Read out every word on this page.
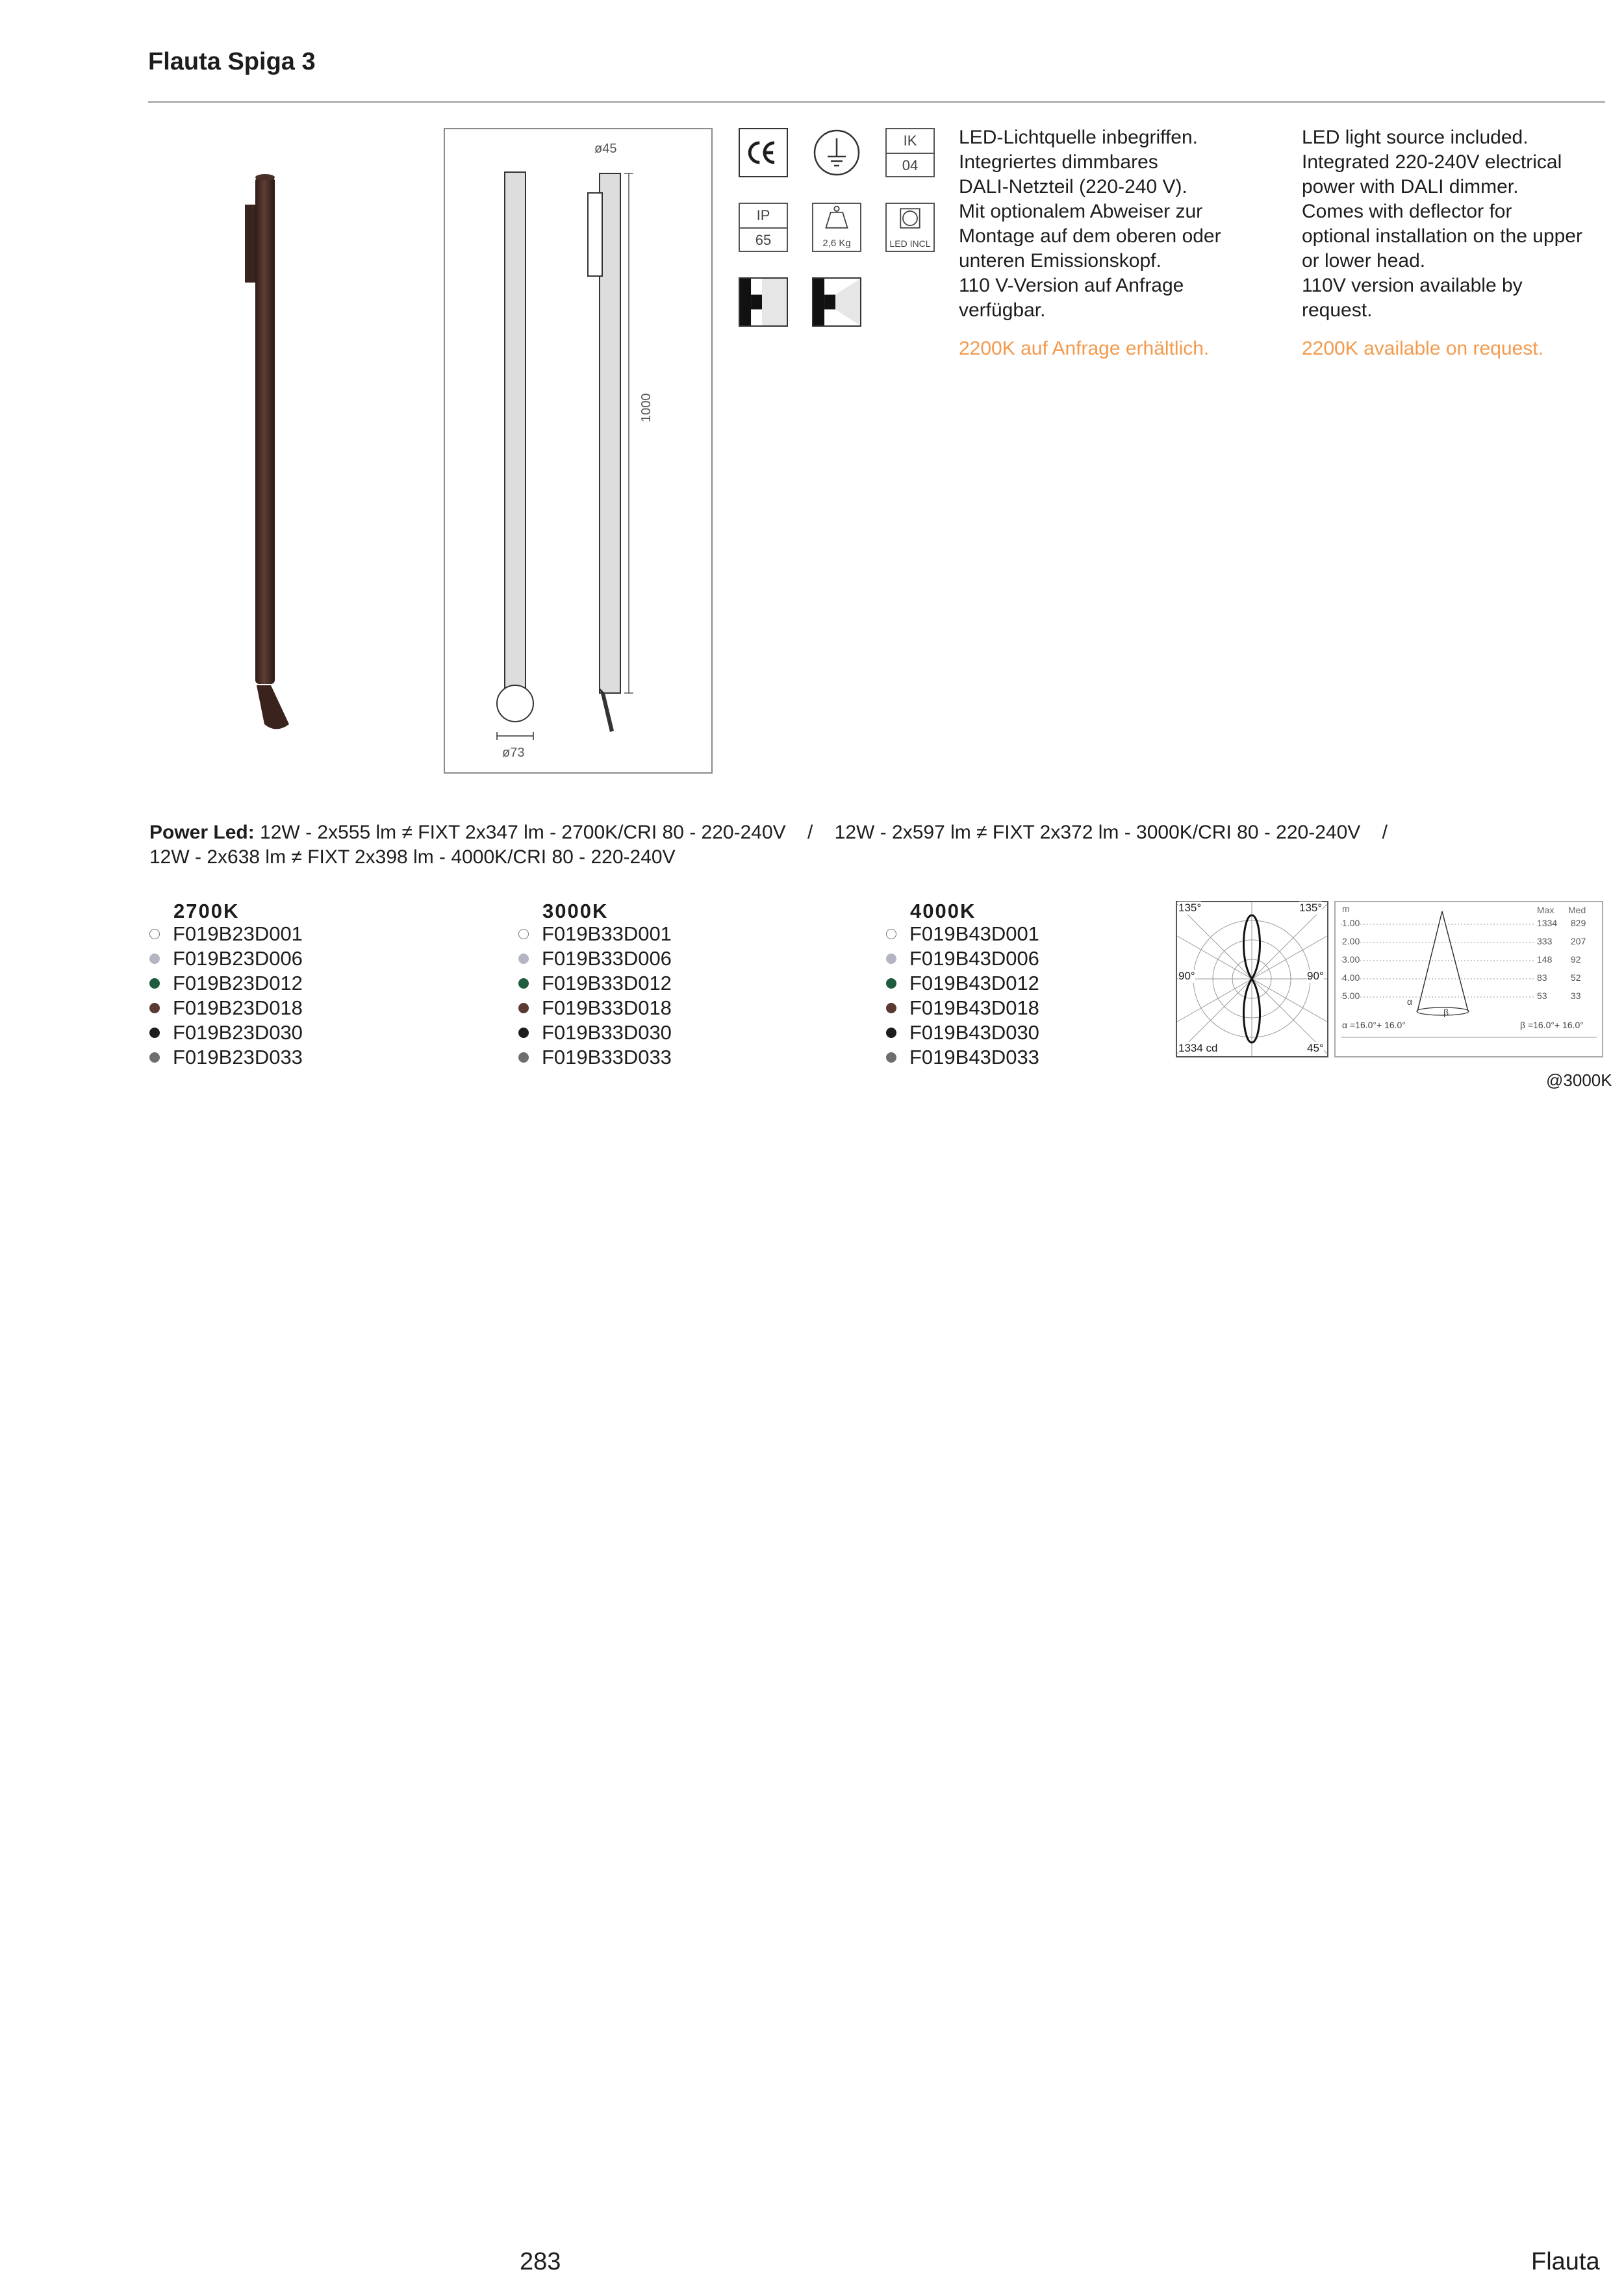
Flauta Spiga 3
ø45
1000
ø73
IK
04
IP
65	2,6 Kg	LED INCL

LED-Lichtquelle inbegriffen.

Integriertes dimmbares

DALI-Netzteil (220-240 V).

Mit optionalem Abweiser zur

Montage auf dem oberen oder

unteren Emissionskopf.

110 V-Version auf Anfrage

verfügbar.

2200K auf Anfrage erhältlich.

LED light source included.

Integrated 220-240V electrical

power with DALI dimmer.

Comes with deflector for

optional installation on the upper

or lower head.

110V version available by

request.

2200K available on request.
Power Led: 12W - 2x555 lm ≠ FIXT 2x347 lm - 2700K/CRI 80 - 220-240V    /    12W - 2x597 lm ≠ FIXT 2x372 lm - 3000K/CRI 80 - 220-240V    /
12W - 2x638 lm ≠ FIXT 2x398 lm - 4000K/CRI 80 - 220-240V
2700K
F019B23D001
F019B23D006
F019B23D012
F019B23D018
F019B23D030
F019B23D033
3000K
F019B33D001
F019B33D006
F019B33D012
F019B33D018
F019B33D030
F019B33D033
4000K
F019B43D001
F019B43D006
F019B43D012
F019B43D018
F019B43D030
F019B43D033
135°	135°
90°	90°
1334 cd	45°
m	Max Med
1.00	1334 829
2.00	333 207
3.00	148 92
4.00	83	52
5.00	53	33
α
β
α =16.0°+ 16.0°	β =16.0°+ 16.0°
@3000K
283	Flauta
